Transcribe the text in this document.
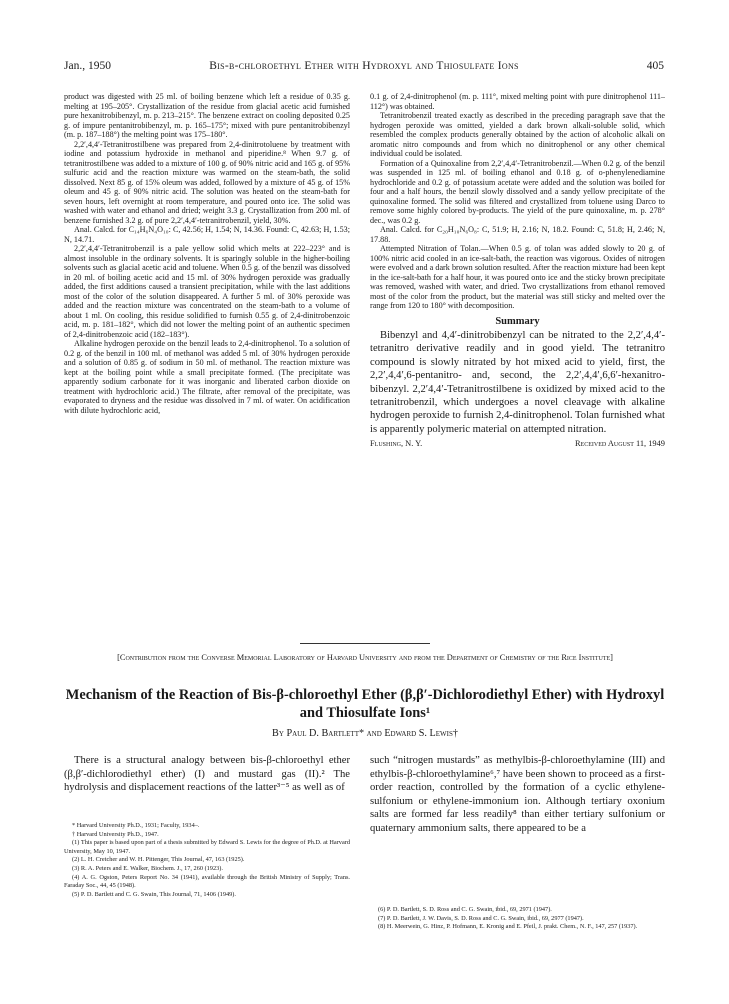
Jan., 1950	Bis-β-chloroethyl Ether with Hydroxyl and Thiosulfate Ions	405

product was digested with 25 ml. of boiling benzene which left a residue of 0.35 g. melting at 195–205°. Crystallization of the residue from glacial acetic acid furnished pure hexanitrobibenzyl, m. p. 213–215°. The benzene extract on cooling deposited 0.25 g. of impure pentanitrobibenzyl, m. p. 165–175°; mixed with pure pentanitrobibenzyl (m. p. 187–188°) the melting point was 175–180°.

2,2′,4,4′-Tetranitrostilbene was prepared from 2,4-dinitrotoluene by treatment with iodine and potassium hydroxide in methanol and piperidine.⁸ When 9.7 g. of tetranitrostilbene was added to a mixture of 100 g. of 90% nitric acid and 165 g. of 95% sulfuric acid and the reaction mixture was warmed on the steam-bath, the solid dissolved. Next 85 g. of 15% oleum was added, followed by a mixture of 45 g. of 15% oleum and 45 g. of 90% nitric acid. The solution was heated on the steam-bath for seven hours, left overnight at room temperature, and poured onto ice. The solid was washed with water and ethanol and dried; weight 3.3 g. Crystallization from 200 ml. of benzene furnished 3.2 g. of pure 2,2′,4,4′-tetranitrobenzil, yield, 30%.

Anal. Calcd. for C₁₄H₆N₄O₁₀: C, 42.56; H, 1.54; N, 14.36. Found: C, 42.63; H, 1.53; N, 14.71.

2,2′,4,4′-Tetranitrobenzil is a pale yellow solid which melts at 222–223° and is almost insoluble in the ordinary solvents. It is sparingly soluble in the higher-boiling solvents such as glacial acetic acid and toluene. When 0.5 g. of the benzil was dissolved in 20 ml. of boiling acetic acid and 15 ml. of 30% hydrogen peroxide was gradually added, the first additions caused a transient precipitation, while with the last additions most of the color of the solution disappeared. A further 5 ml. of 30% peroxide was added and the reaction mixture was concentrated on the steam-bath to a volume of about 1 ml. On cooling, this residue solidified to furnish 0.55 g. of 2,4-dinitrobenzoic acid, m. p. 181–182°, which did not lower the melting point of an authentic specimen of 2,4-dinitrobenzoic acid (182–183°).

Alkaline hydrogen peroxide on the benzil leads to 2,4-dinitrophenol. To a solution of 0.2 g. of the benzil in 100 ml. of methanol was added 5 ml. of 30% hydrogen peroxide and a solution of 0.85 g. of sodium in 50 ml. of methanol. The reaction mixture was kept at the boiling point while a small precipitate formed. (The precipitate was apparently sodium carbonate for it was inorganic and liberated carbon dioxide on treatment with hydrochloric acid.) The filtrate, after removal of the precipitate, was evaporated to dryness and the residue was dissolved in 7 ml. of water. On acidification with dilute hydrochloric acid,

0.1 g. of 2,4-dinitrophenol (m. p. 111°, mixed melting point with pure dinitrophenol 111–112°) was obtained.

Tetranitrobenzil treated exactly as described in the preceding paragraph save that the hydrogen peroxide was omitted, yielded a dark brown alkali-soluble solid, which resembled the complex products generally obtained by the action of alcoholic alkali on aromatic nitro compounds and from which no dinitrophenol or any other chemical individual could be isolated.

Formation of a Quinoxaline from 2,2′,4,4′-Tetranitrobenzil.—When 0.2 g. of the benzil was suspended in 125 ml. of boiling ethanol and 0.18 g. of o-phenylenediamine hydrochloride and 0.2 g. of potassium acetate were added and the solution was boiled for four and a half hours, the benzil slowly dissolved and a sandy yellow precipitate of the quinoxaline formed. The solid was filtered and crystallized from toluene using Darco to remove some highly colored by-products. The yield of the pure quinoxaline, m. p. 278° dec., was 0.2 g.

Anal. Calcd. for C₂₀H₁₀N₆O₈: C, 51.9; H, 2.16; N, 18.2. Found: C, 51.8; H, 2.46; N, 17.88.

Attempted Nitration of Tolan.—When 0.5 g. of tolan was added slowly to 20 g. of 100% nitric acid cooled in an ice-salt-bath, the reaction was vigorous. Oxides of nitrogen were evolved and a dark brown solution resulted. After the reaction mixture had been kept in the ice-salt-bath for a half hour, it was poured onto ice and the sticky brown precipitate was removed, washed with water, and dried. Two crystallizations from ethanol removed most of the color from the product, but the material was still sticky and melted over the range from 120 to 180° with decomposition.

Summary
Bibenzyl and 4,4′-dinitrobibenzyl can be nitrated to the 2,2′,4,4′-tetranitro derivative readily and in good yield. The tetranitro compound is slowly nitrated by hot mixed acid to yield, first, the 2,2′,4,4′,6-pentanitro- and, second, the 2,2′,4,4′,6,6′-hexanitro-bibenzyl. 2,2′4,4′-Tetranitrostilbene is oxidized by mixed acid to the tetranitrobenzil, which undergoes a novel cleavage with alkaline hydrogen peroxide to furnish 2,4-dinitrophenol. Tolan furnished what is apparently polymeric material on attempted nitration.
Flushing, N. Y.	Received August 11, 1949
[Contribution from the Converse Memorial Laboratory of Harvard University and from the Department of Chemistry of the Rice Institute]
Mechanism of the Reaction of Bis-β-chloroethyl Ether (β,β′-Dichlorodiethyl Ether) with Hydroxyl and Thiosulfate Ions¹
By Paul D. Bartlett* and Edward S. Lewis†

There is a structural analogy between bis-β-chloroethyl ether (β,β′-dichlorodiethyl ether) (I) and mustard gas (II).² The hydrolysis and displacement reactions of the latter³⁻⁵ as well as of

such “nitrogen mustards” as methylbis-β-chloroethylamine (III) and ethylbis-β-chloroethylamine⁶,⁷ have been shown to proceed as a first-order reaction, controlled by the formation of a cyclic ethylene-sulfonium or ethylene-immonium ion. Although tertiary oxonium salts are formed far less readily⁸ than either tertiary sulfonium or quaternary ammonium salts, there appeared to be a

* Harvard University Ph.D., 1931; Faculty, 1934–.

† Harvard University Ph.D., 1947.

(1) This paper is based upon part of a thesis submitted by Edward S. Lewis for the degree of Ph.D. at Harvard University, May 10, 1947.

(2) L. H. Cretcher and W. H. Pittenger, This Journal, 47, 163 (1925).

(3) R. A. Peters and E. Walker, Biochem. J., 17, 260 (1923).

(4) A. G. Ogston, Peters Report No. 34 (1941), available through the British Ministry of Supply; Trans. Faraday Soc., 44, 45 (1948).

(5) P. D. Bartlett and C. G. Swain, This Journal, 71, 1406 (1949).

(6) P. D. Bartlett, S. D. Ross and C. G. Swain, ibid., 69, 2971 (1947).

(7) P. D. Bartlett, J. W. Davis, S. D. Ross and C. G. Swain, ibid., 69, 2977 (1947).

(8) H. Meerwein, G. Hinz, P. Hofmann, E. Kronig and E. Pfeil, J. prakt. Chem., N. F., 147, 257 (1937).
